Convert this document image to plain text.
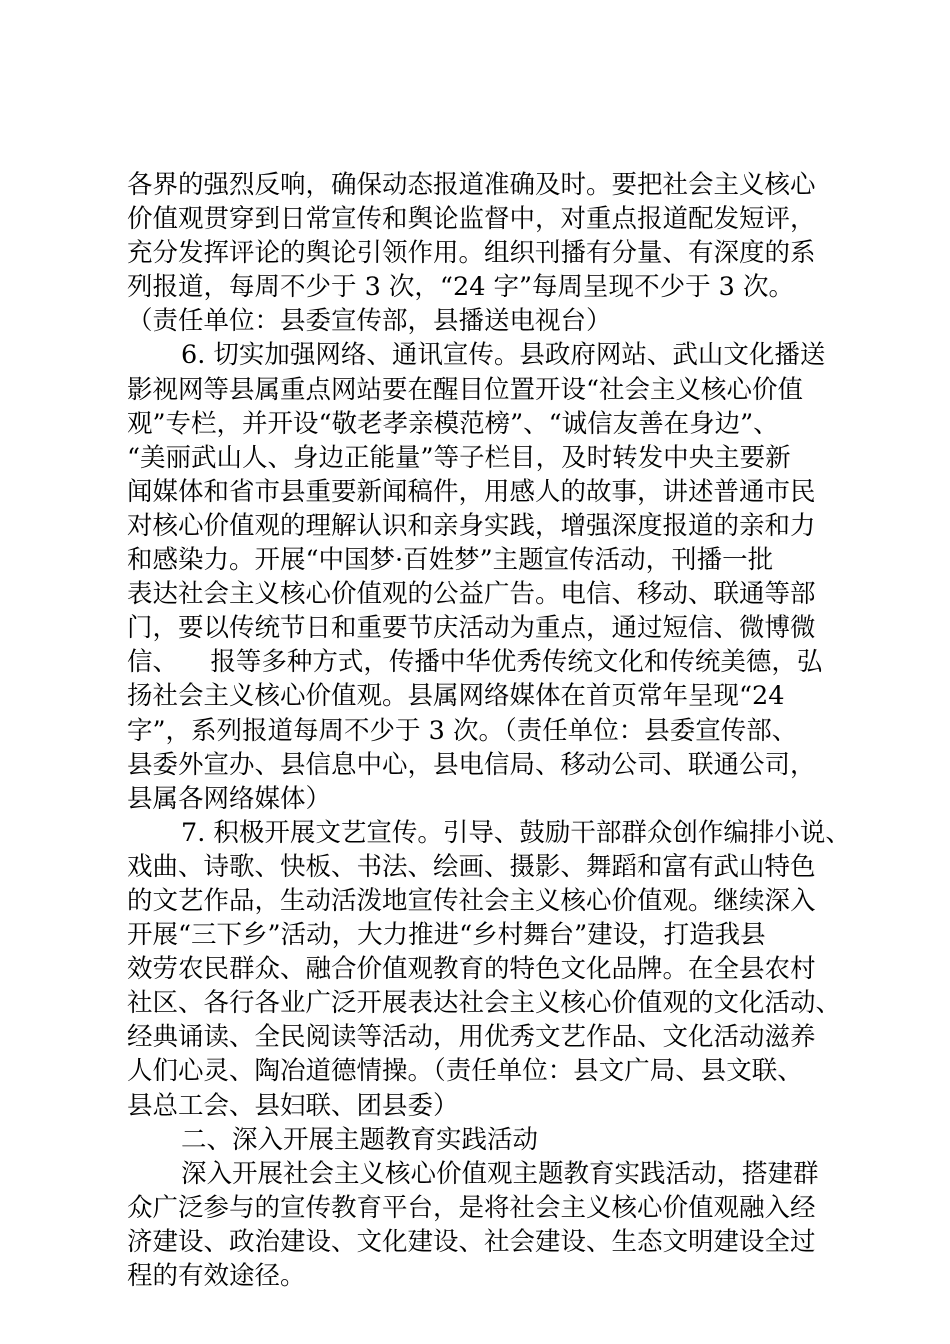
各界的强烈反响，确保动态报道准确及时。要把社会主义核心
价值观贯穿到日常宣传和舆论监督中，对重点报道配发短评，
充分发挥评论的舆论引领作用。组织刊播有分量、有深度的系
列报道，每周不少于 3 次，“24 字”每周呈现不少于 3 次。
（责任单位：县委宣传部，县播送电视台）
6. 切实加强网络、通讯宣传。县政府网站、武山文化播送
影视网等县属重点网站要在醒目位置开设“社会主义核心价值
观”专栏，并开设“敬老孝亲模范榜”、“诚信友善在身边”、
“美丽武山人、身边正能量”等子栏目，及时转发中央主要新
闻媒体和省市县重要新闻稿件，用感人的故事，讲述普通市民
对核心价值观的理解认识和亲身实践，增强深度报道的亲和力
和感染力。开展“中国梦·百姓梦”主题宣传活动，刊播一批
表达社会主义核心价值观的公益广告。电信、移动、联通等部
门，要以传统节日和重要节庆活动为重点，通过短信、微博微
信、    报等多种方式，传播中华优秀传统文化和传统美德，弘
扬社会主义核心价值观。县属网络媒体在首页常年呈现“24
字”，系列报道每周不少于 3 次。（责任单位：县委宣传部、
县委外宣办、县信息中心，县电信局、移动公司、联通公司，
县属各网络媒体）
7. 积极开展文艺宣传。引导、鼓励干部群众创作编排小说、
戏曲、诗歌、快板、书法、绘画、摄影、舞蹈和富有武山特色
的文艺作品，生动活泼地宣传社会主义核心价值观。继续深入
开展“三下乡”活动，大力推进“乡村舞台”建设，打造我县
效劳农民群众、融合价值观教育的特色文化品牌。在全县农村
社区、各行各业广泛开展表达社会主义核心价值观的文化活动、
经典诵读、全民阅读等活动，用优秀文艺作品、文化活动滋养
人们心灵、陶冶道德情操。（责任单位：县文广局、县文联、
县总工会、县妇联、团县委）
二、深入开展主题教育实践活动
深入开展社会主义核心价值观主题教育实践活动，搭建群
众广泛参与的宣传教育平台，是将社会主义核心价值观融入经
济建设、政治建设、文化建设、社会建设、生态文明建设全过
程的有效途径。
